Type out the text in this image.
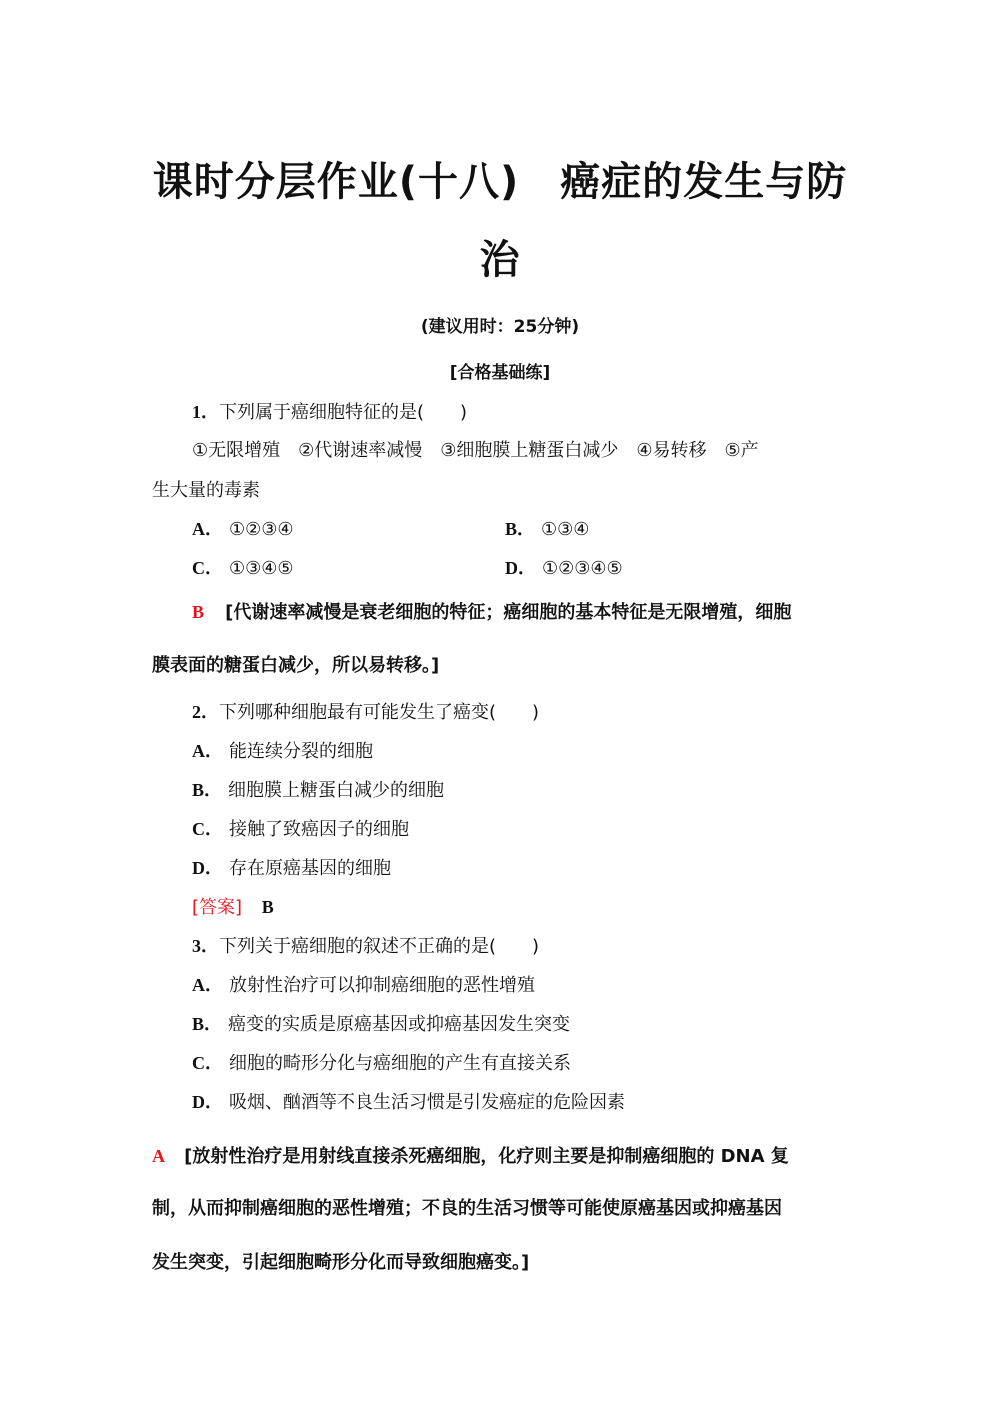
课时分层作业(十八)　癌症的发生与防
治
(建议用时：25分钟)
[合格基础练]
1．下列属于癌细胞特征的是(　　)
①无限增殖　②代谢速率减慢　③细胞膜上糖蛋白减少　④易转移　⑤产
生大量的毒素
A． ①②③④	B． ①③④
C． ①③④⑤	D． ①②③④⑤
B [代谢速率减慢是衰老细胞的特征；癌细胞的基本特征是无限增殖，细胞
膜表面的糖蛋白减少，所以易转移。]
2．下列哪种细胞最有可能发生了癌变(　　)
A． 能连续分裂的细胞
B． 细胞膜上糖蛋白减少的细胞
C． 接触了致癌因子的细胞
D． 存在原癌基因的细胞
[答案] B
3．下列关于癌细胞的叙述不正确的是(　　)
A． 放射性治疗可以抑制癌细胞的恶性增殖
B． 癌变的实质是原癌基因或抑癌基因发生突变
C． 细胞的畸形分化与癌细胞的产生有直接关系
D． 吸烟、酗酒等不良生活习惯是引发癌症的危险因素
A [放射性治疗是用射线直接杀死癌细胞，化疗则主要是抑制癌细胞的 DNA 复
制，从而抑制癌细胞的恶性增殖；不良的生活习惯等可能使原癌基因或抑癌基因
发生突变，引起细胞畸形分化而导致细胞癌变。]
